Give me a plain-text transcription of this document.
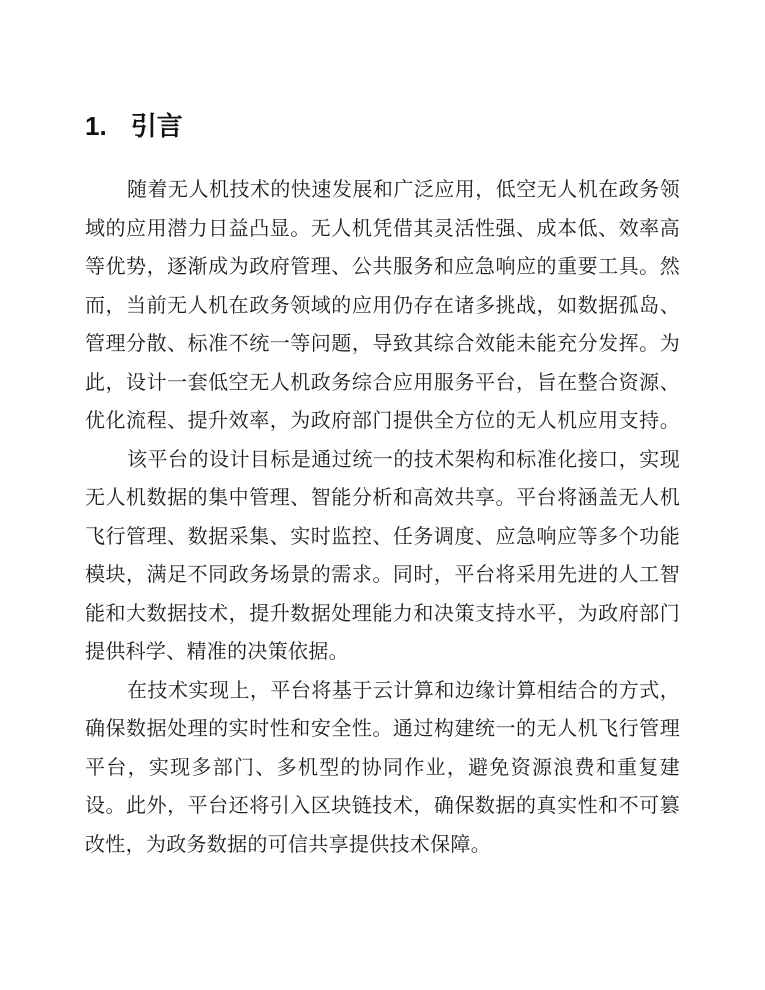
1. 引言
随着无人机技术的快速发展和广泛应用，低空无人机在政务领
域的应用潜力日益凸显。无人机凭借其灵活性强、成本低、效率高
等优势，逐渐成为政府管理、公共服务和应急响应的重要工具。然
而，当前无人机在政务领域的应用仍存在诸多挑战，如数据孤岛、
管理分散、标准不统一等问题，导致其综合效能未能充分发挥。为
此，设计一套低空无人机政务综合应用服务平台，旨在整合资源、
优化流程、提升效率，为政府部门提供全方位的无人机应用支持。
该平台的设计目标是通过统一的技术架构和标准化接口，实现
无人机数据的集中管理、智能分析和高效共享。平台将涵盖无人机
飞行管理、数据采集、实时监控、任务调度、应急响应等多个功能
模块，满足不同政务场景的需求。同时，平台将采用先进的人工智
能和大数据技术，提升数据处理能力和决策支持水平，为政府部门
提供科学、精准的决策依据。
在技术实现上，平台将基于云计算和边缘计算相结合的方式，
确保数据处理的实时性和安全性。通过构建统一的无人机飞行管理
平台，实现多部门、多机型的协同作业，避免资源浪费和重复建
设。此外，平台还将引入区块链技术，确保数据的真实性和不可篡
改性，为政务数据的可信共享提供技术保障。
